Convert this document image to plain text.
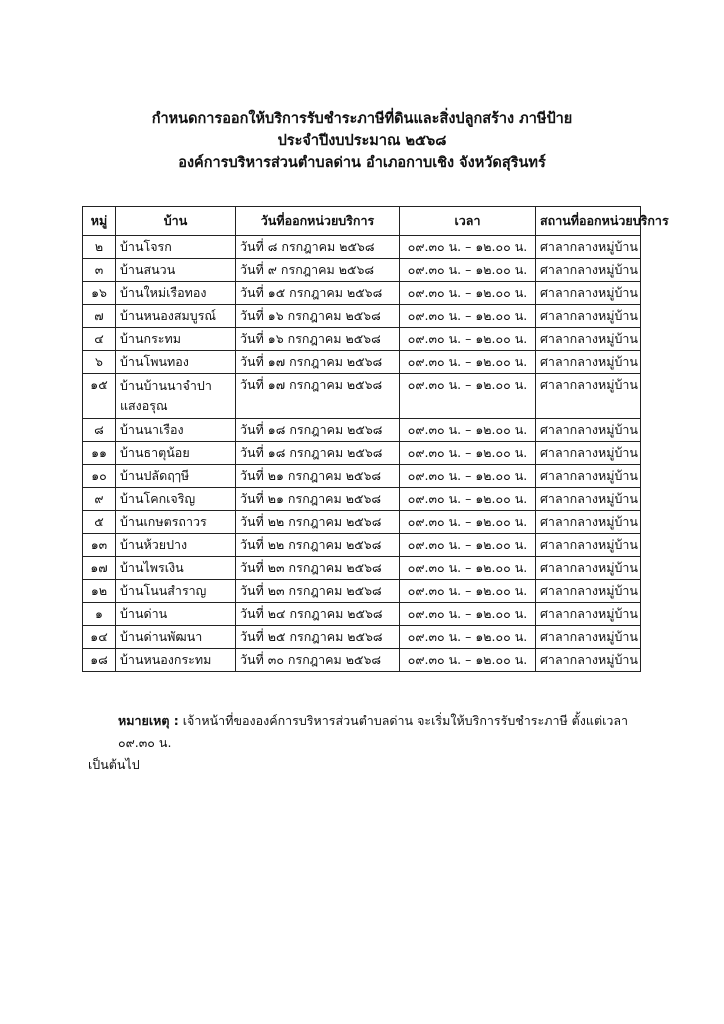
กำหนดการออกให้บริการรับชำระภาษีที่ดินและสิ่งปลูกสร้าง ภาษีป้าย
ประจำปีงบประมาณ ๒๕๖๘
องค์การบริหารส่วนตำบลด่าน อำเภอกาบเชิง จังหวัดสุรินทร์
หมู่	บ้าน	วันที่ออกหน่วยบริการ	เวลา	สถานที่ออกหน่วยบริการ
๒	บ้านโจรก	วันที่ ๘ กรกฎาคม ๒๕๖๘	๐๙.๓๐ น. – ๑๒.๐๐ น.	ศาลากลางหมู่บ้าน
๓	บ้านสนวน	วันที่ ๙ กรกฎาคม ๒๕๖๘	๐๙.๓๐ น. – ๑๒.๐๐ น.	ศาลากลางหมู่บ้าน
๑๖	บ้านใหม่เรือทอง	วันที่ ๑๕ กรกฎาคม ๒๕๖๘	๐๙.๓๐ น. – ๑๒.๐๐ น.	ศาลากลางหมู่บ้าน
๗	บ้านหนองสมบูรณ์	วันที่ ๑๖ กรกฎาคม ๒๕๖๘	๐๙.๓๐ น. – ๑๒.๐๐ น.	ศาลากลางหมู่บ้าน
๔	บ้านกระทม	วันที่ ๑๖ กรกฎาคม ๒๕๖๘	๐๙.๓๐ น. – ๑๒.๐๐ น.	ศาลากลางหมู่บ้าน
๖	บ้านโพนทอง	วันที่ ๑๗ กรกฎาคม ๒๕๖๘	๐๙.๓๐ น. – ๑๒.๐๐ น.	ศาลากลางหมู่บ้าน
๑๕	บ้านบ้านนาจำปา แสงอรุณ	วันที่ ๑๗ กรกฎาคม ๒๕๖๘	๐๙.๓๐ น. – ๑๒.๐๐ น.	ศาลากลางหมู่บ้าน
๘	บ้านนาเรือง	วันที่ ๑๘ กรกฎาคม ๒๕๖๘	๐๙.๓๐ น. – ๑๒.๐๐ น.	ศาลากลางหมู่บ้าน
๑๑	บ้านธาตุน้อย	วันที่ ๑๘ กรกฎาคม ๒๕๖๘	๐๙.๓๐ น. – ๑๒.๐๐ น.	ศาลากลางหมู่บ้าน
๑๐	บ้านปลัดฤๅษี	วันที่ ๒๑ กรกฎาคม ๒๕๖๘	๐๙.๓๐ น. – ๑๒.๐๐ น.	ศาลากลางหมู่บ้าน
๙	บ้านโคกเจริญ	วันที่ ๒๑ กรกฎาคม ๒๕๖๘	๐๙.๓๐ น. – ๑๒.๐๐ น.	ศาลากลางหมู่บ้าน
๕	บ้านเกษตรถาวร	วันที่ ๒๒ กรกฎาคม ๒๕๖๘	๐๙.๓๐ น. – ๑๒.๐๐ น.	ศาลากลางหมู่บ้าน
๑๓	บ้านห้วยปาง	วันที่ ๒๒ กรกฎาคม ๒๕๖๘	๐๙.๓๐ น. – ๑๒.๐๐ น.	ศาลากลางหมู่บ้าน
๑๗	บ้านไพรเงิน	วันที่ ๒๓ กรกฎาคม ๒๕๖๘	๐๙.๓๐ น. – ๑๒.๐๐ น.	ศาลากลางหมู่บ้าน
๑๒	บ้านโนนสำราญ	วันที่ ๒๓ กรกฎาคม ๒๕๖๘	๐๙.๓๐ น. – ๑๒.๐๐ น.	ศาลากลางหมู่บ้าน
๑	บ้านด่าน	วันที่ ๒๔ กรกฎาคม ๒๕๖๘	๐๙.๓๐ น. – ๑๒.๐๐ น.	ศาลากลางหมู่บ้าน
๑๔	บ้านด่านพัฒนา	วันที่ ๒๕ กรกฎาคม ๒๕๖๘	๐๙.๓๐ น. – ๑๒.๐๐ น.	ศาลากลางหมู่บ้าน
๑๘	บ้านหนองกระทม	วันที่ ๓๐ กรกฎาคม ๒๕๖๘	๐๙.๓๐ น. – ๑๒.๐๐ น.	ศาลากลางหมู่บ้าน
หมายเหตุ : เจ้าหน้าที่ขององค์การบริหารส่วนตำบลด่าน จะเริ่มให้บริการรับชำระภาษี ตั้งแต่เวลา ๐๙.๓๐ น.
เป็นต้นไป
